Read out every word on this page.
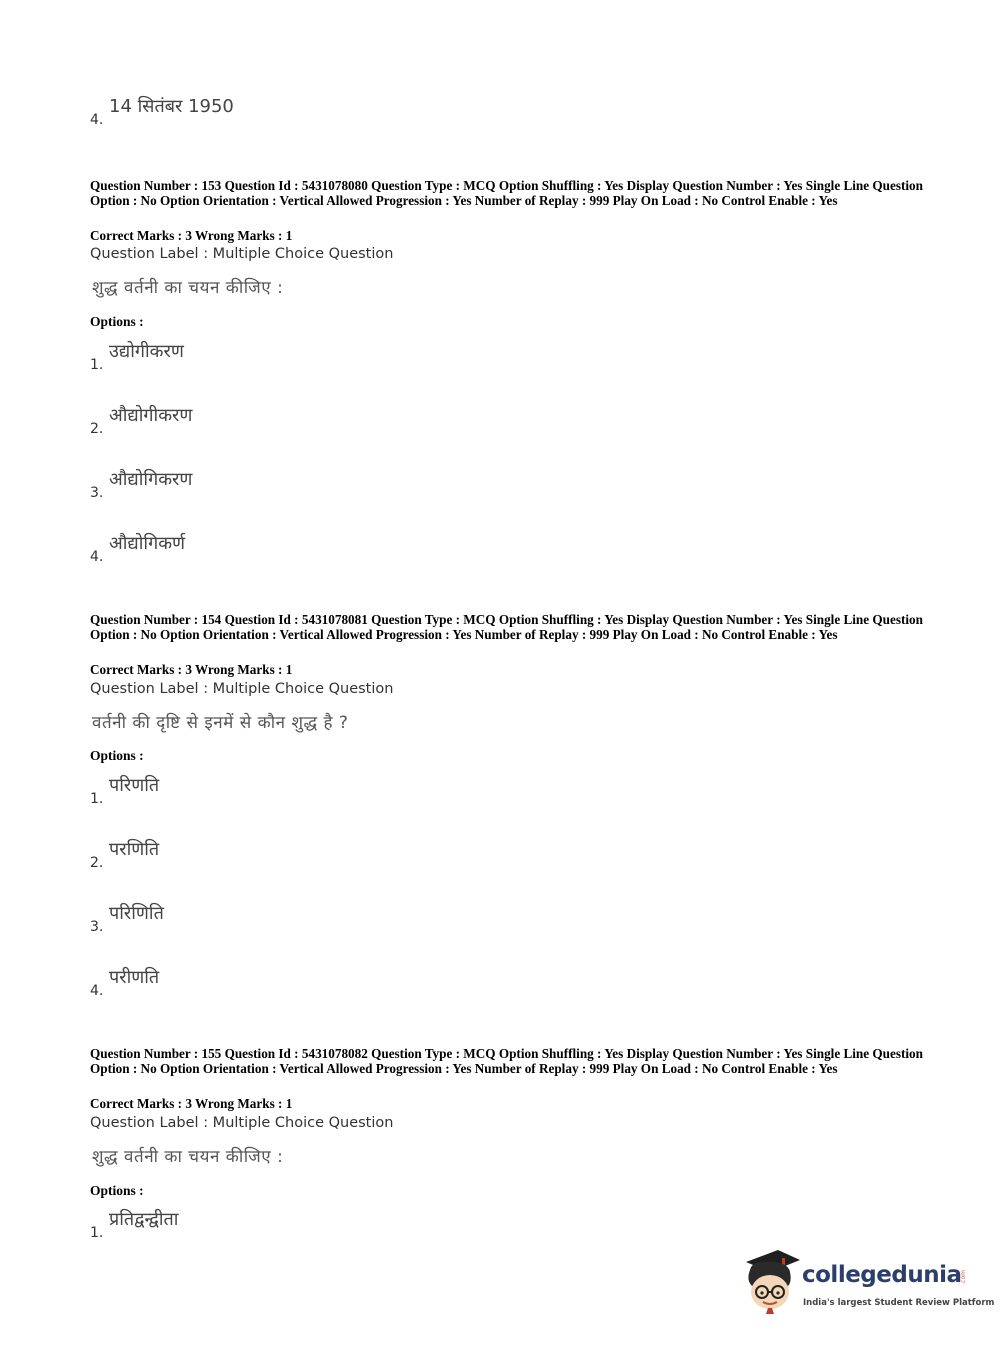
4.
14 सितंबर 1950
Question Number : 153 Question Id : 5431078080 Question Type : MCQ Option Shuffling : Yes Display Question Number : Yes Single Line Question Option : No Option Orientation : Vertical Allowed Progression : Yes Number of Replay : 999 Play On Load : No Control Enable : Yes
Correct Marks : 3 Wrong Marks : 1
Question Label : Multiple Choice Question
शुद्ध वर्तनी का चयन कीजिए :
Options :
1.
उद्योगीकरण
2.
औद्योगीकरण
3.
औद्योगिकरण
4.
औद्योगिकर्ण
Question Number : 154 Question Id : 5431078081 Question Type : MCQ Option Shuffling : Yes Display Question Number : Yes Single Line Question Option : No Option Orientation : Vertical Allowed Progression : Yes Number of Replay : 999 Play On Load : No Control Enable : Yes
Correct Marks : 3 Wrong Marks : 1
Question Label : Multiple Choice Question
वर्तनी की दृष्टि से इनमें से कौन शुद्ध है ?
Options :
1.
परिणति
2.
परणिति
3.
परिणिति
4.
परीणति
Question Number : 155 Question Id : 5431078082 Question Type : MCQ Option Shuffling : Yes Display Question Number : Yes Single Line Question Option : No Option Orientation : Vertical Allowed Progression : Yes Number of Replay : 999 Play On Load : No Control Enable : Yes
Correct Marks : 3 Wrong Marks : 1
Question Label : Multiple Choice Question
शुद्ध वर्तनी का चयन कीजिए :
Options :
1.
प्रतिद्वन्द्वीता
collegedunia
.com
India's largest Student Review Platform
